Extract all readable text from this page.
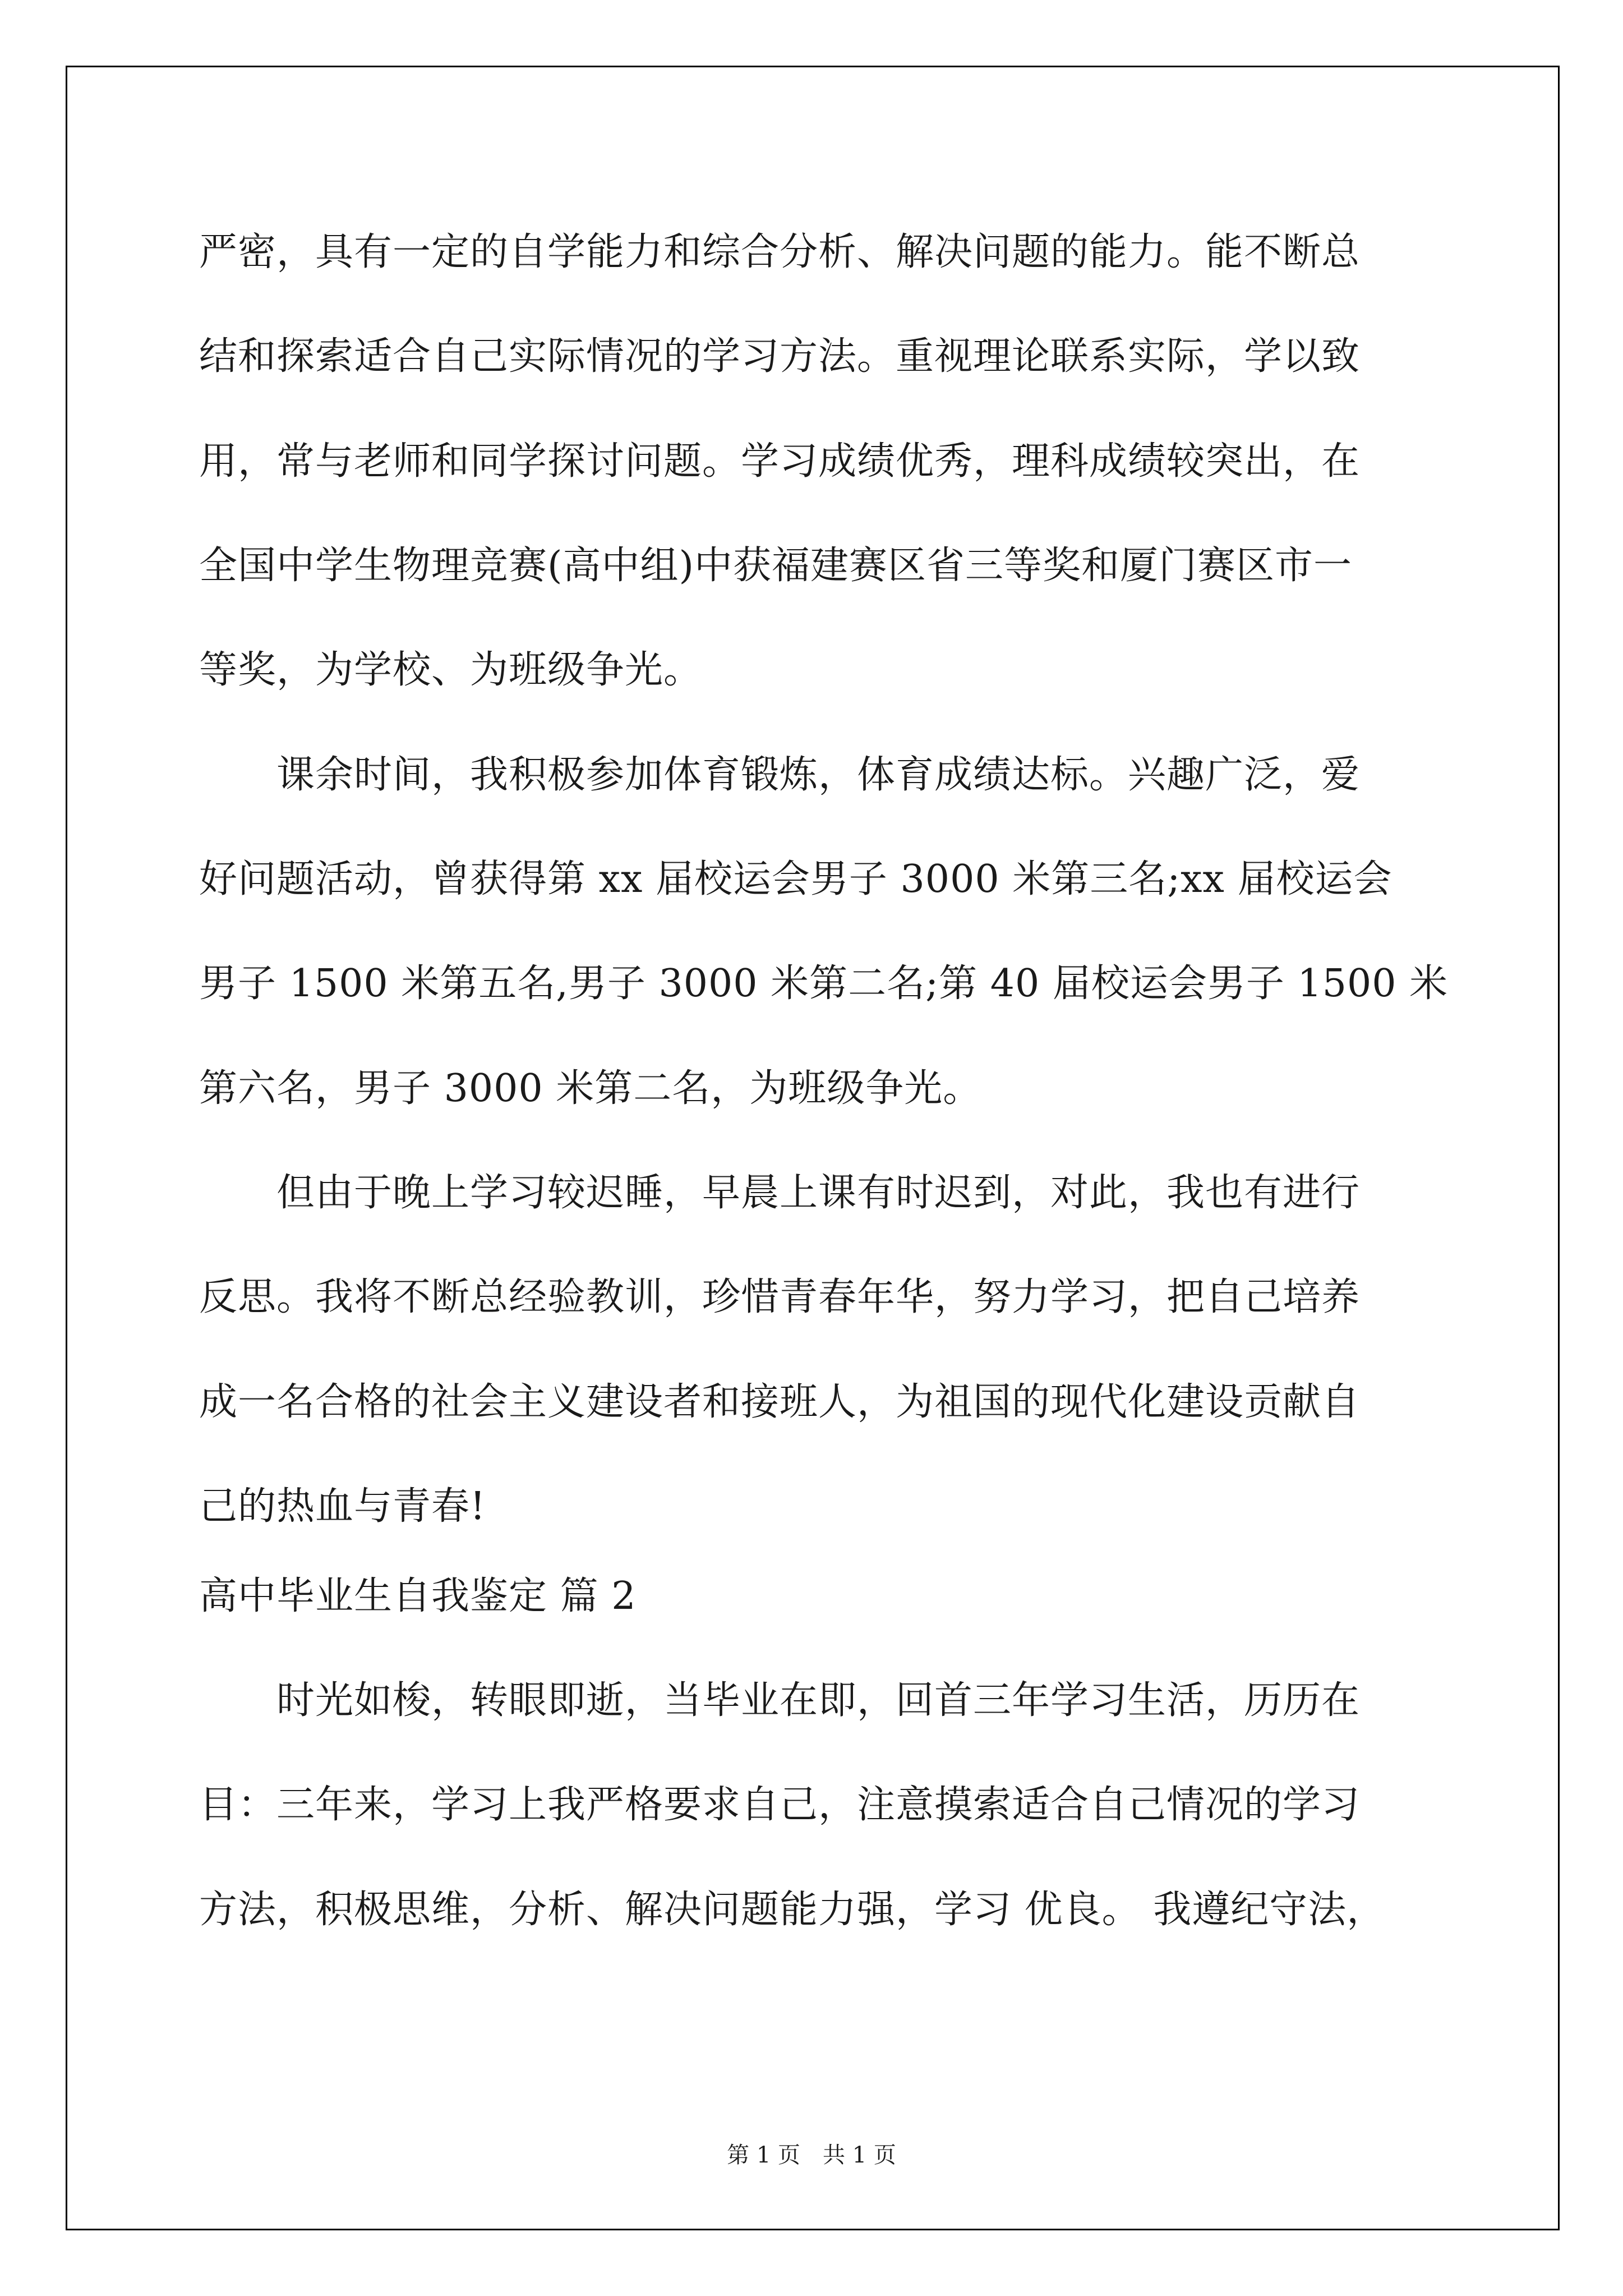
严密，具有一定的自学能力和综合分析、解决问题的能力。能不断总
结和探索适合自己实际情况的学习方法。重视理论联系实际，学以致
用，常与老师和同学探讨问题。学习成绩优秀，理科成绩较突出，在
全国中学生物理竞赛(高中组)中获福建赛区省三等奖和厦门赛区市一
等奖，为学校、为班级争光。
　　课余时间，我积极参加体育锻炼，体育成绩达标。兴趣广泛，爱
好问题活动，曾获得第 xx 届校运会男子 3000 米第三名;xx 届校运会
男子 1500 米第五名,男子 3000 米第二名;第 40 届校运会男子 1500 米
第六名，男子 3000 米第二名，为班级争光。
　　但由于晚上学习较迟睡，早晨上课有时迟到，对此，我也有进行
反思。我将不断总经验教训，珍惜青春年华，努力学习，把自己培养
成一名合格的社会主义建设者和接班人，为祖国的现代化建设贡献自
己的热血与青春!
高中毕业生自我鉴定 篇 2
　　时光如梭，转眼即逝，当毕业在即，回首三年学习生活，历历在
目：三年来，学习上我严格要求自己，注意摸索适合自己情况的学习
方法，积极思维，分析、解决问题能力强，学习 优良。 我遵纪守法，
第 1 页　共 1 页
